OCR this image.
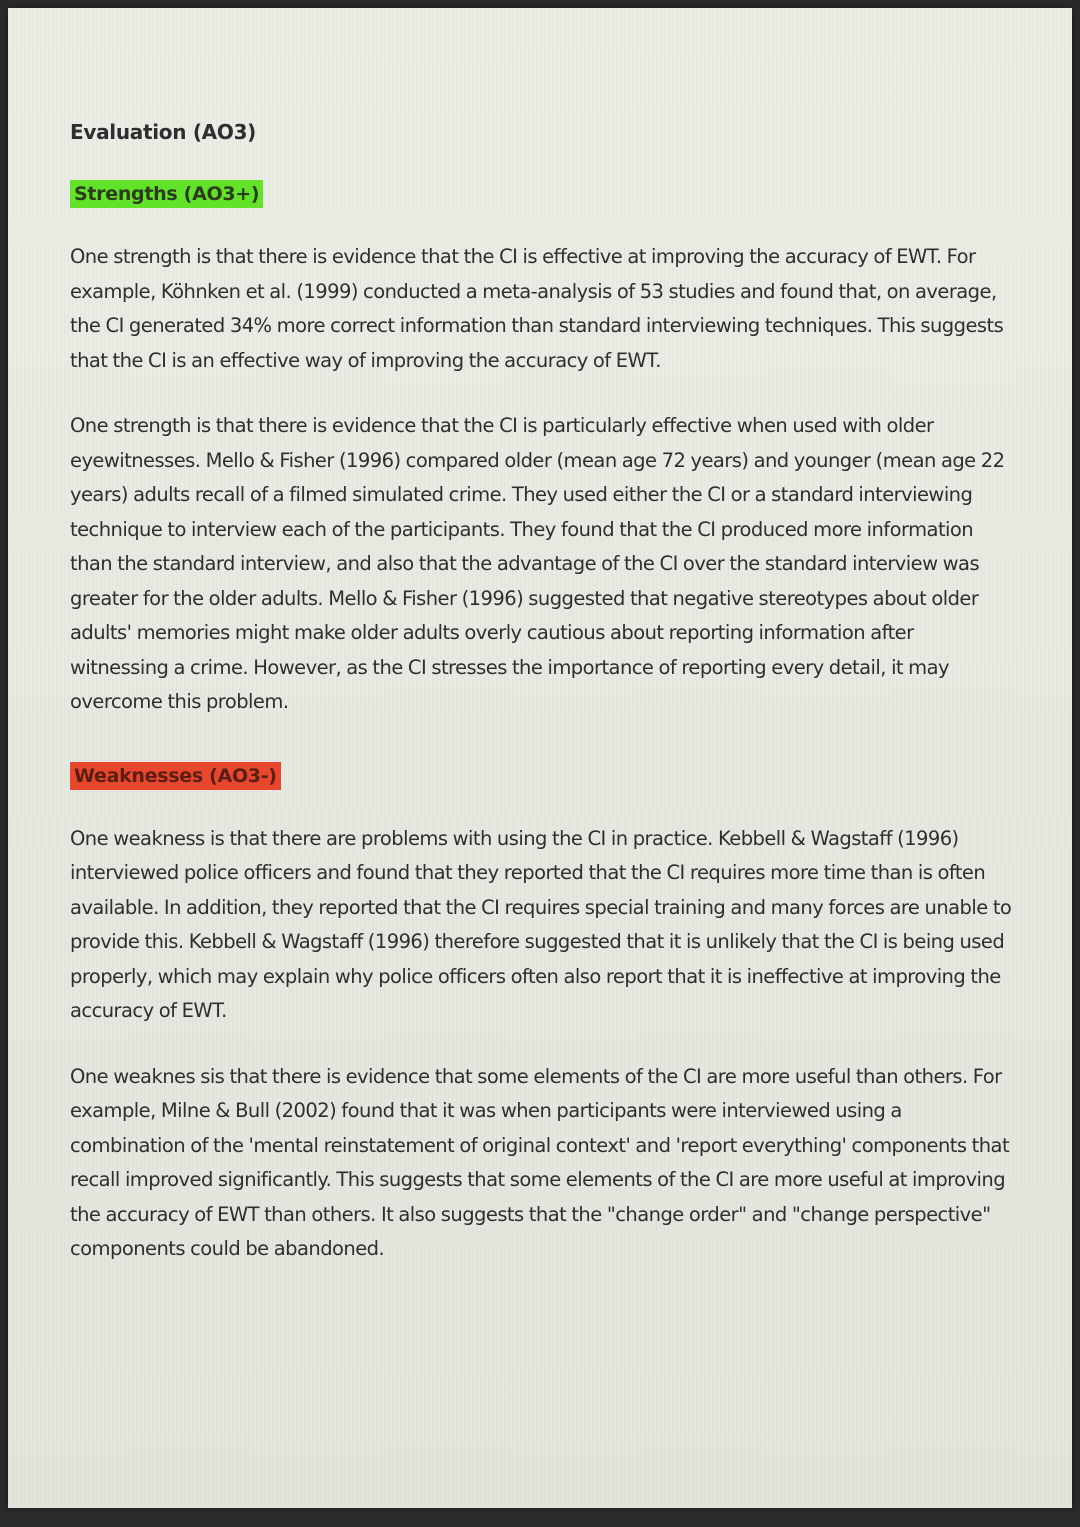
Evaluation (AO3)
Strengths (AO3+)

One strength is that there is evidence that the CI is effective at improving the accuracy of EWT. For example, Köhnken et al. (1999) conducted a meta-analysis of 53 studies and found that, on average, the CI generated 34% more correct information than standard interviewing techniques. This suggests that the CI is an effective way of improving the accuracy of EWT.

One strength is that there is evidence that the CI is particularly effective when used with older eyewitnesses. Mello & Fisher (1996) compared older (mean age 72 years) and younger (mean age 22 years) adults recall of a filmed simulated crime. They used either the CI or a standard interviewing technique to interview each of the participants. They found that the CI produced more information than the standard interview, and also that the advantage of the CI over the standard interview was greater for the older adults. Mello & Fisher (1996) suggested that negative stereotypes about older adults' memories might make older adults overly cautious about reporting information after witnessing a crime. However, as the CI stresses the importance of reporting every detail, it may overcome this problem.

Weaknesses (AO3-)

One weakness is that there are problems with using the CI in practice. Kebbell & Wagstaff (1996) interviewed police officers and found that they reported that the CI requires more time than is often available. In addition, they reported that the CI requires special training and many forces are unable to provide this. Kebbell & Wagstaff (1996) therefore suggested that it is unlikely that the CI is being used properly, which may explain why police officers often also report that it is ineffective at improving the accuracy of EWT.

One weaknes sis that there is evidence that some elements of the CI are more useful than others. For example, Milne & Bull (2002) found that it was when participants were interviewed using a combination of the 'mental reinstatement of original context' and 'report everything' components that recall improved significantly. This suggests that some elements of the CI are more useful at improving the accuracy of EWT than others. It also suggests that the "change order" and "change perspective" components could be abandoned.
